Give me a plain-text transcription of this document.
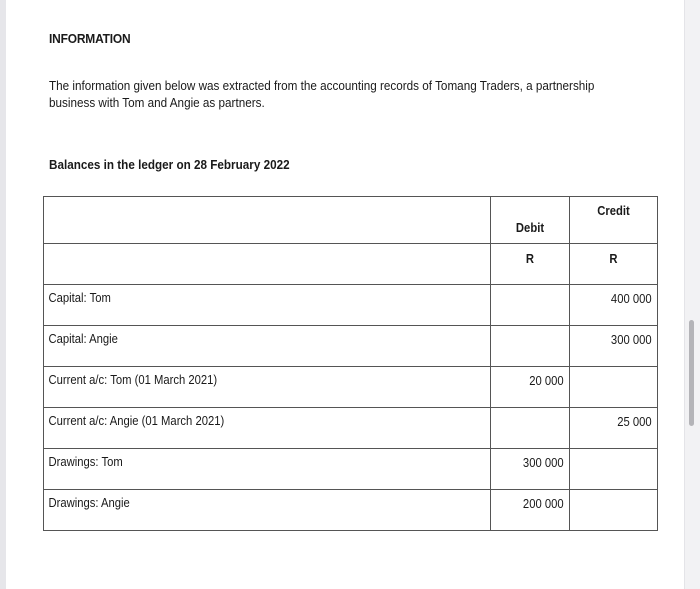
INFORMATION
The information given below was extracted from the accounting records of Tomang Traders, a partnership business with Tom and Angie as partners.
Balances in the ledger on 28 February 2022

	Debit	Credit

	R	R

Capital: Tom		400 000

Capital: Angie		300 000

Current a/c: Tom (01 March 2021)	20 000	

Current a/c: Angie (01 March 2021)		25 000

Drawings: Tom	300 000	

Drawings: Angie	200 000	
